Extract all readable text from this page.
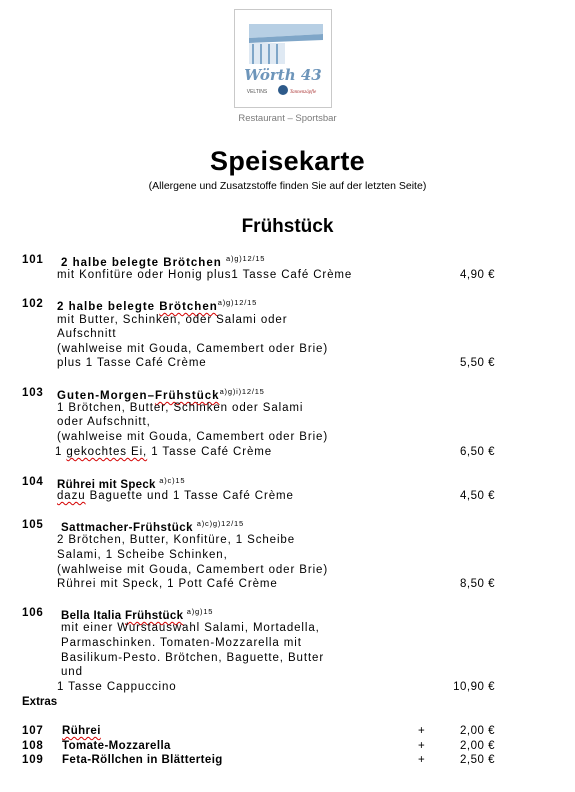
Wörth 43
VELTINS	Tannenzäpfle
Restaurant – Sportsbar
Speisekarte
(Allergene und Zusatzstoffe finden Sie auf der letzten Seite)
Frühstück
101 2 halbe belegte Brötchen $^{a)g)12/15}$
mit Konfitüre oder Honig plus1 Tasse Café Crème	4,90 €
102 2 halbe belegte Brötchen$^{a)g)12/15}$
mit Butter, Schinken, oder Salami oder
Aufschnitt
(wahlweise mit Gouda, Camembert oder Brie)
plus 1 Tasse Café Crème	5,50 €
103 Guten-Morgen–Frühstück$^{a)g)i)12/15}$
1 Brötchen, Butter, Schinken oder Salami
oder Aufschnitt,
(wahlweise mit Gouda, Camembert oder Brie)
1 gekochtes Ei, 1 Tasse Café Crème	6,50 €
104 Rührei mit Speck $^{a)c)15}$
dazu Baguette und 1 Tasse Café Crème	4,50 €
105 Sattmacher-Frühstück $^{a)c)g)12/15}$
2 Brötchen, Butter, Konfitüre, 1 Scheibe
Salami, 1 Scheibe Schinken,
(wahlweise mit Gouda, Camembert oder Brie)
Rührei mit Speck, 1 Pott Café Crème	8,50 €
106 Bella Italia Frühstück $^{a)g)15}$
mit einer Wurstauswahl Salami, Mortadella,
Parmaschinken. Tomaten-Mozzarella mit
Basilikum-Pesto. Brötchen, Baguette, Butter
und
1 Tasse Cappuccino	10,90 €
Extras
107 Rührei	+	2,00 €
108 Tomate-Mozzarella	+	2,00 €
109 Feta-Röllchen in Blätterteig	+	2,50 €
